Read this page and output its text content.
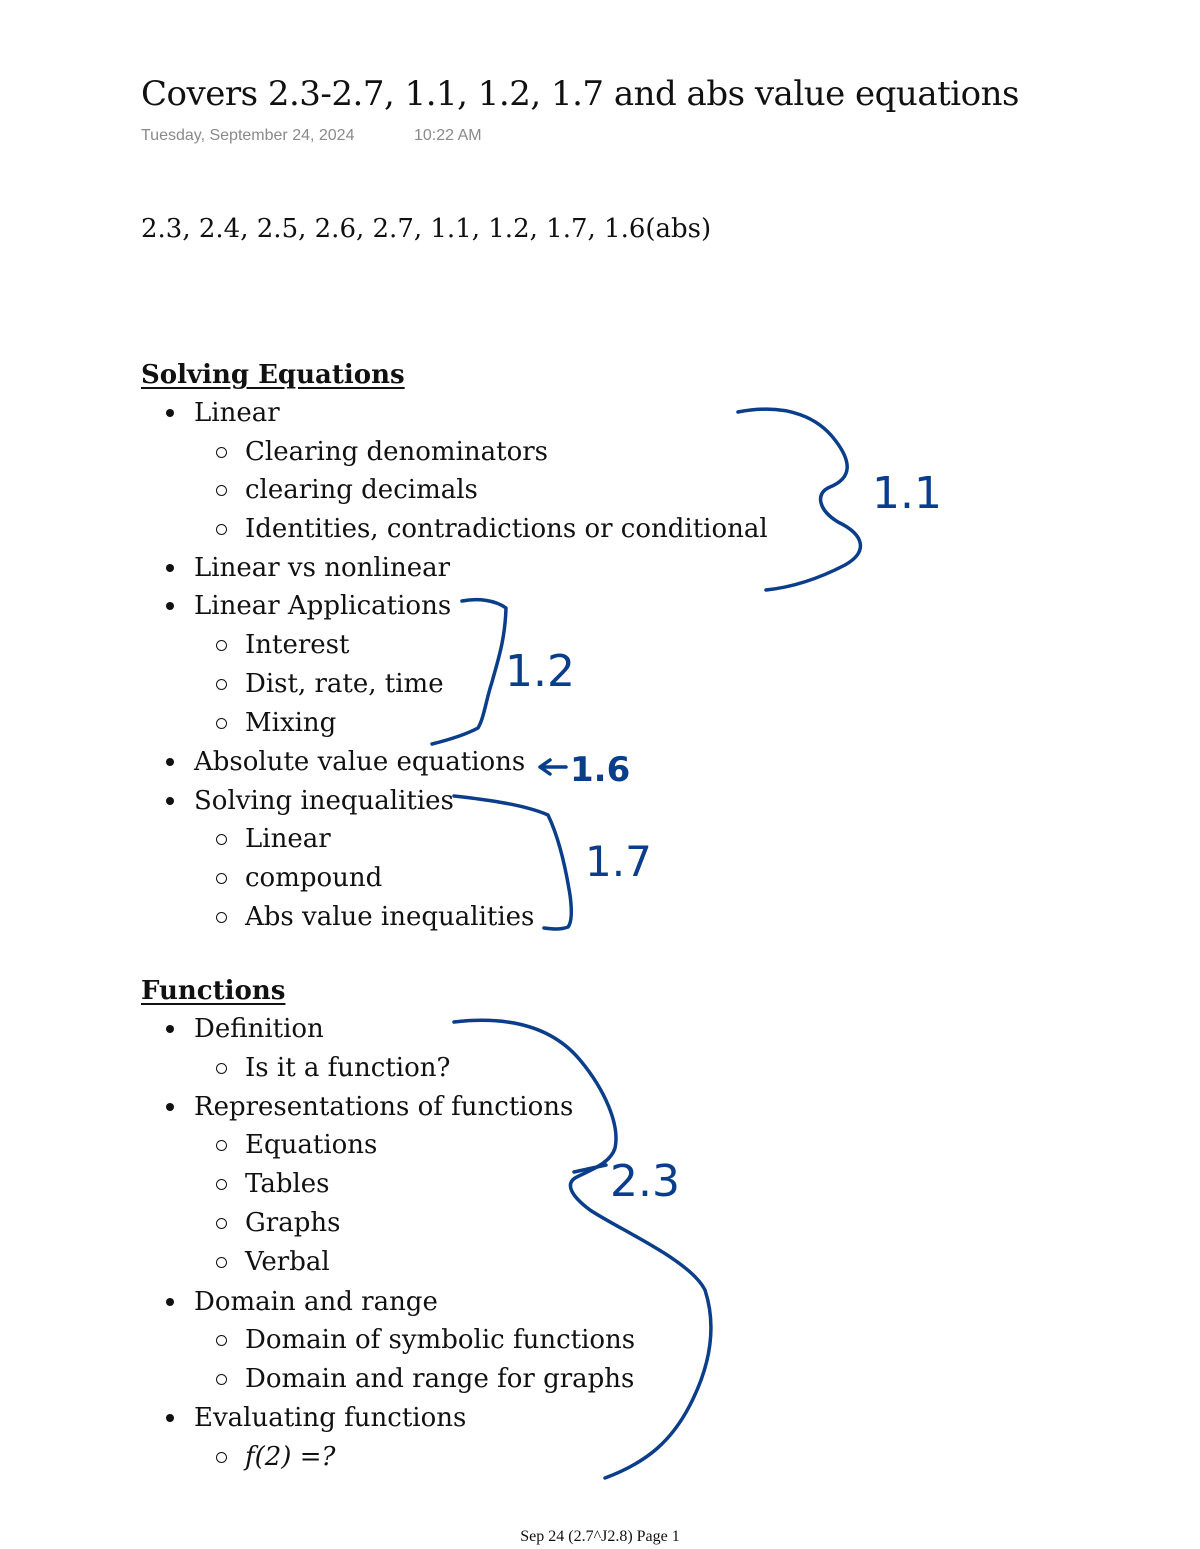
Covers 2.3-2.7, 1.1, 1.2, 1.7 and abs value equations
Tuesday, September 24, 2024	10:22 AM
2.3, 2.4, 2.5, 2.6, 2.7, 1.1, 1.2, 1.7, 1.6(abs)
Solving Equations
Linear
Clearing denominators
clearing decimals
Identities, contradictions or conditional
Linear vs nonlinear
Linear Applications
Interest
Dist, rate, time
Mixing
Absolute value equations
Solving inequalities
Linear
compound
Abs value inequalities
Functions
Definition
Is it a function?
Representations of functions
Equations
Tables
Graphs
Verbal
Domain and range
Domain of symbolic functions
Domain and range for graphs
Evaluating functions
f(2) =?
1.1
1.2
1.6
1.7
2.3
Sep 24 (2.7^J2.8) Page 1
